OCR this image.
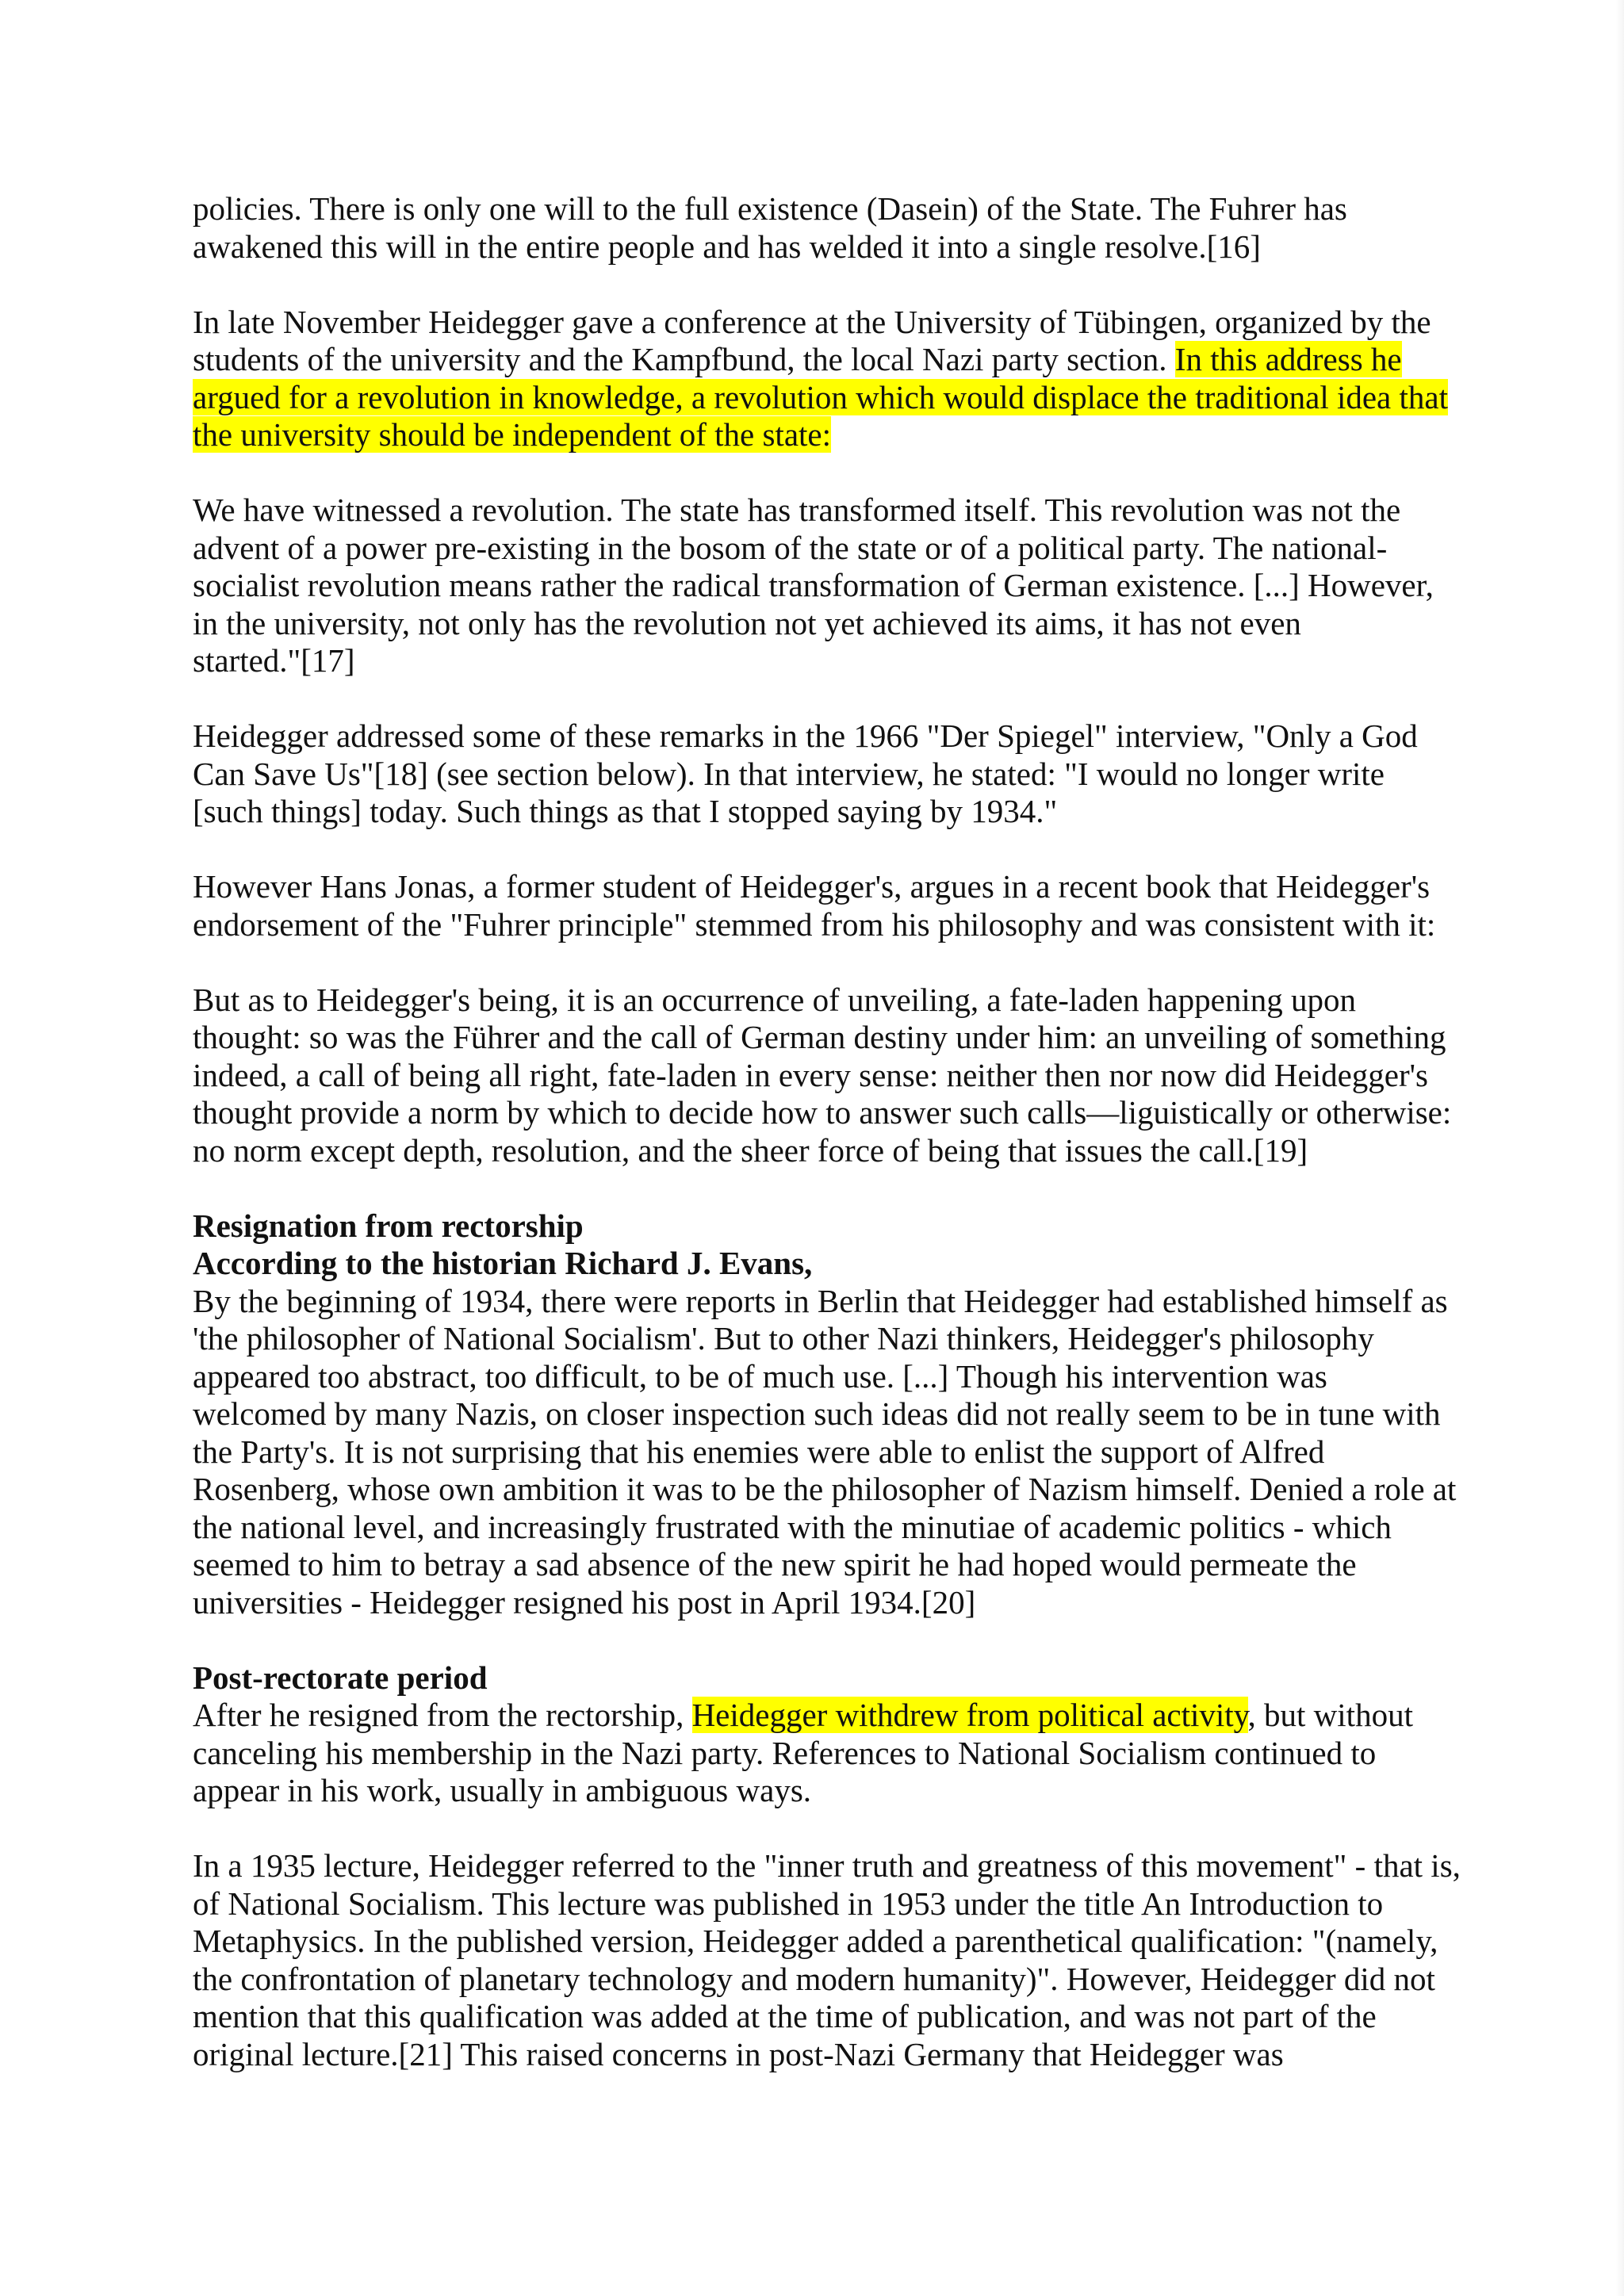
policies. There is only one will to the full existence (Dasein) of the State. The Fuhrer has
awakened this will in the entire people and has welded it into a single resolve.[16]

In late November Heidegger gave a conference at the University of Tübingen, organized by the
students of the university and the Kampfbund, the local Nazi party section. In this address he
argued for a revolution in knowledge, a revolution which would displace the traditional idea that
the university should be independent of the state:

We have witnessed a revolution. The state has transformed itself. This revolution was not the
advent of a power pre-existing in the bosom of the state or of a political party. The national-
socialist revolution means rather the radical transformation of German existence. [...] However,
in the university, not only has the revolution not yet achieved its aims, it has not even
started."[17]

Heidegger addressed some of these remarks in the 1966 "Der Spiegel" interview, "Only a God
Can Save Us"[18] (see section below). In that interview, he stated: "I would no longer write
[such things] today. Such things as that I stopped saying by 1934."

However Hans Jonas, a former student of Heidegger's, argues in a recent book that Heidegger's
endorsement of the "Fuhrer principle" stemmed from his philosophy and was consistent with it:

But as to Heidegger's being, it is an occurrence of unveiling, a fate-laden happening upon
thought: so was the Führer and the call of German destiny under him: an unveiling of something
indeed, a call of being all right, fate-laden in every sense: neither then nor now did Heidegger's
thought provide a norm by which to decide how to answer such calls—liguistically or otherwise:
no norm except depth, resolution, and the sheer force of being that issues the call.[19]

Resignation from rectorship
According to the historian Richard J. Evans,
By the beginning of 1934, there were reports in Berlin that Heidegger had established himself as
'the philosopher of National Socialism'. But to other Nazi thinkers, Heidegger's philosophy
appeared too abstract, too difficult, to be of much use. [...] Though his intervention was
welcomed by many Nazis, on closer inspection such ideas did not really seem to be in tune with
the Party's. It is not surprising that his enemies were able to enlist the support of Alfred
Rosenberg, whose own ambition it was to be the philosopher of Nazism himself. Denied a role at
the national level, and increasingly frustrated with the minutiae of academic politics - which
seemed to him to betray a sad absence of the new spirit he had hoped would permeate the
universities - Heidegger resigned his post in April 1934.[20]

Post-rectorate period
After he resigned from the rectorship, Heidegger withdrew from political activity, but without
canceling his membership in the Nazi party. References to National Socialism continued to
appear in his work, usually in ambiguous ways.

In a 1935 lecture, Heidegger referred to the "inner truth and greatness of this movement" - that is,
of National Socialism. This lecture was published in 1953 under the title An Introduction to
Metaphysics. In the published version, Heidegger added a parenthetical qualification: "(namely,
the confrontation of planetary technology and modern humanity)". However, Heidegger did not
mention that this qualification was added at the time of publication, and was not part of the
original lecture.[21] This raised concerns in post-Nazi Germany that Heidegger was
